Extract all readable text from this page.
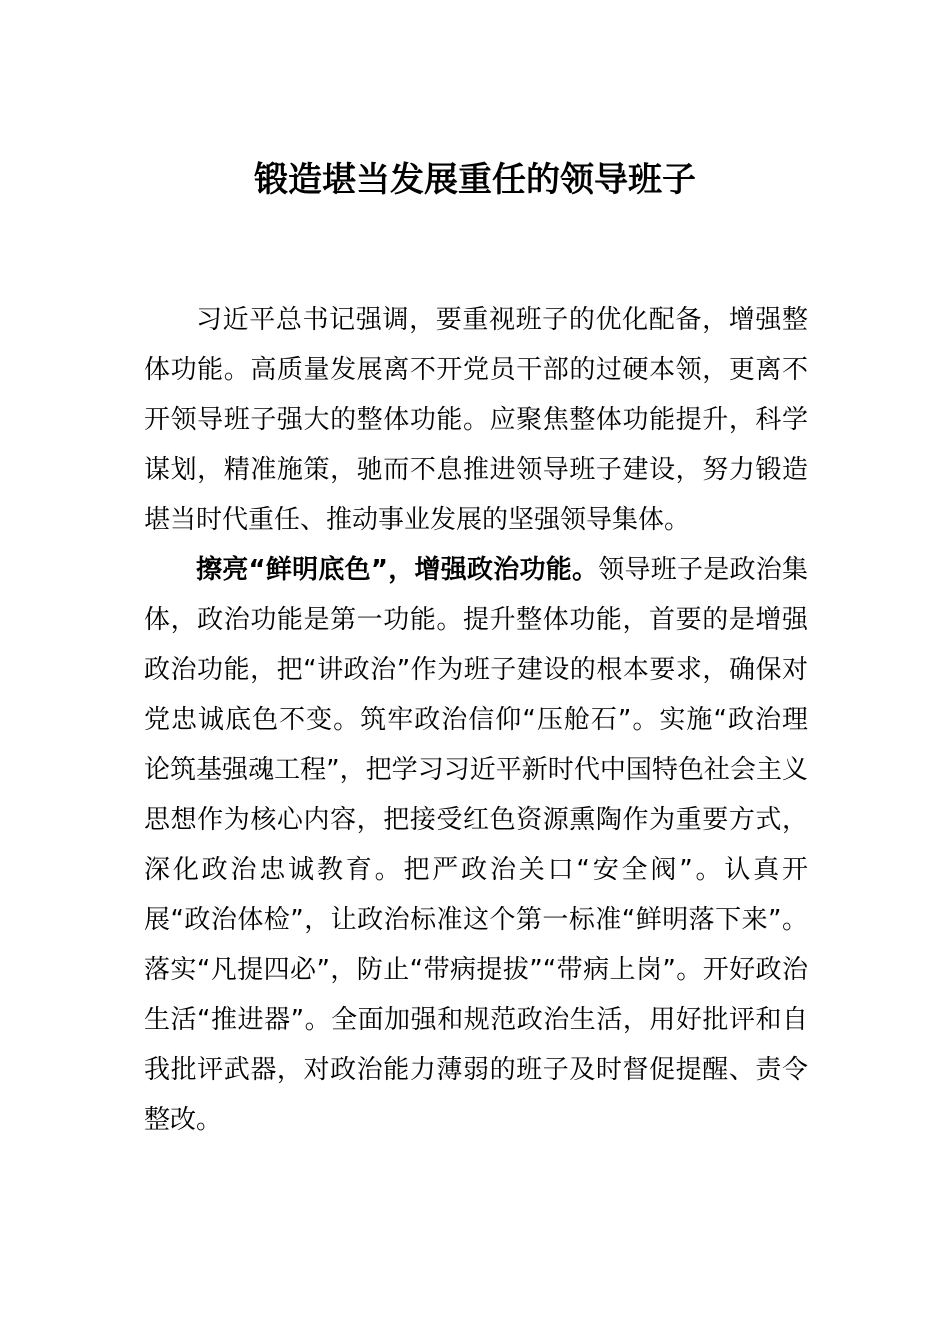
锻造堪当发展重任的领导班子

习近平总书记强调，要重视班子的优化配备，增强整体功能。高质量发展离不开党员干部的过硬本领，更离不开领导班子强大的整体功能。应聚焦整体功能提升，科学谋划，精准施策，驰而不息推进领导班子建设，努力锻造堪当时代重任、推动事业发展的坚强领导集体。

擦亮“鲜明底色”，增强政治功能。领导班子是政治集体，政治功能是第一功能。提升整体功能，首要的是增强政治功能，把“讲政治”作为班子建设的根本要求，确保对党忠诚底色不变。筑牢政治信仰“压舱石”。实施“政治理论筑基强魂工程”，把学习习近平新时代中国特色社会主义思想作为核心内容，把接受红色资源熏陶作为重要方式，深化政治忠诚教育。把严政治关口“安全阀”。认真开展“政治体检”，让政治标准这个第一标准“鲜明落下来”。落实“凡提四必”，防止“带病提拔”“带病上岗”。开好政治生活“推进器”。全面加强和规范政治生活，用好批评和自我批评武器，对政治能力薄弱的班子及时督促提醒、责令整改。
